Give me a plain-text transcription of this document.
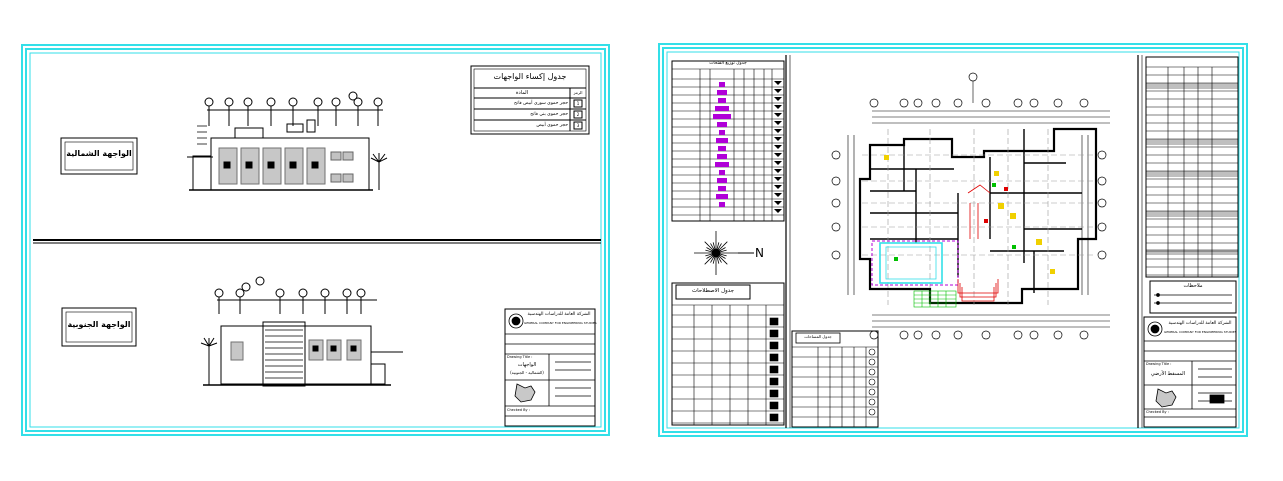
الواجهة الشمالية
الواجهة الجنوبية
جدول إكساء الواجهات
الرمز
المادة
حجر حموي سوري أبيض فاتح
حجر حموي بني فاتح
حجر حموي أبيض
1
2
3
الشركة العامة للدراسات الهندسية
GENERAL COMPANY FOR ENGINEERING STUDIES
Drawing Title :
الواجهات
(الشمالية - الجنوبية)
Checked By :
جدول توزيع الفتحات
N
جدول الاصطلاحات
جدول المساحات
ملاحظات
الشركة العامة للدراسات الهندسية
GENERAL COMPANY FOR ENGINEERING STUDIES
Drawing Title :
المسقط الأرضي
Checked By :
